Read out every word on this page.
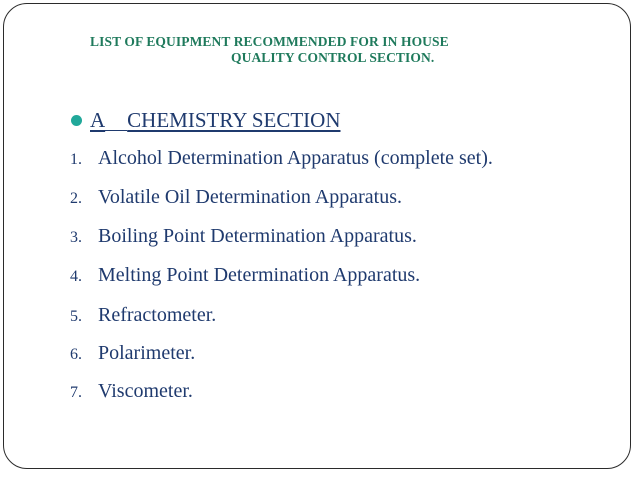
LIST OF EQUIPMENT RECOMMENDED FOR IN HOUSE
QUALITY CONTROL SECTION.
A CHEMISTRY SECTION
1. Alcohol Determination Apparatus (complete set).
2. Volatile Oil Determination Apparatus.
3. Boiling Point Determination Apparatus.
4. Melting Point Determination Apparatus.
5. Refractometer.
6. Polarimeter.
7. Viscometer.
